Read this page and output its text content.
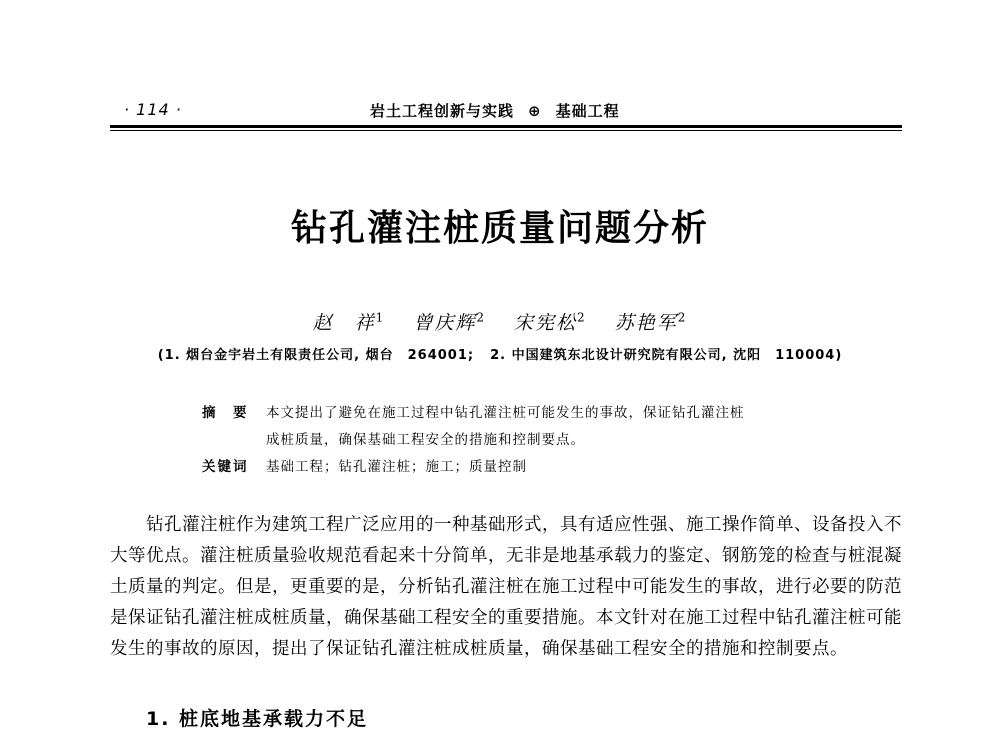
· 114 ·	岩土工程创新与实践 ⊕ 基础工程
钻孔灌注桩质量问题分析
赵　祥$^1$ 曾庆辉$^2$ 宋宪松$^2$ 苏艳军$^2$
(1. 烟台金宇岩土有限责任公司, 烟台　264001; 2. 中国建筑东北设计研究院有限公司, 沈阳　110004)
摘　要 本文提出了避免在施工过程中钻孔灌注桩可能发生的事故，保证钻孔灌注桩
成桩质量，确保基础工程安全的措施和控制要点。
关键词 基础工程；钻孔灌注桩；施工；质量控制

钻孔灌注桩作为建筑工程广泛应用的一种基础形式，具有适应性强、施工操作简单、设备投入不大等优点。灌注桩质量验收规范看起来十分简单，无非是地基承载力的鉴定、钢筋笼的检查与桩混凝土质量的判定。但是，更重要的是，分析钻孔灌注桩在施工过程中可能发生的事故，进行必要的防范是保证钻孔灌注桩成桩质量，确保基础工程安全的重要措施。本文针对在施工过程中钻孔灌注桩可能发生的事故的原因，提出了保证钻孔灌注桩成桩质量，确保基础工程安全的措施和控制要点。

1. 桩底地基承载力不足
